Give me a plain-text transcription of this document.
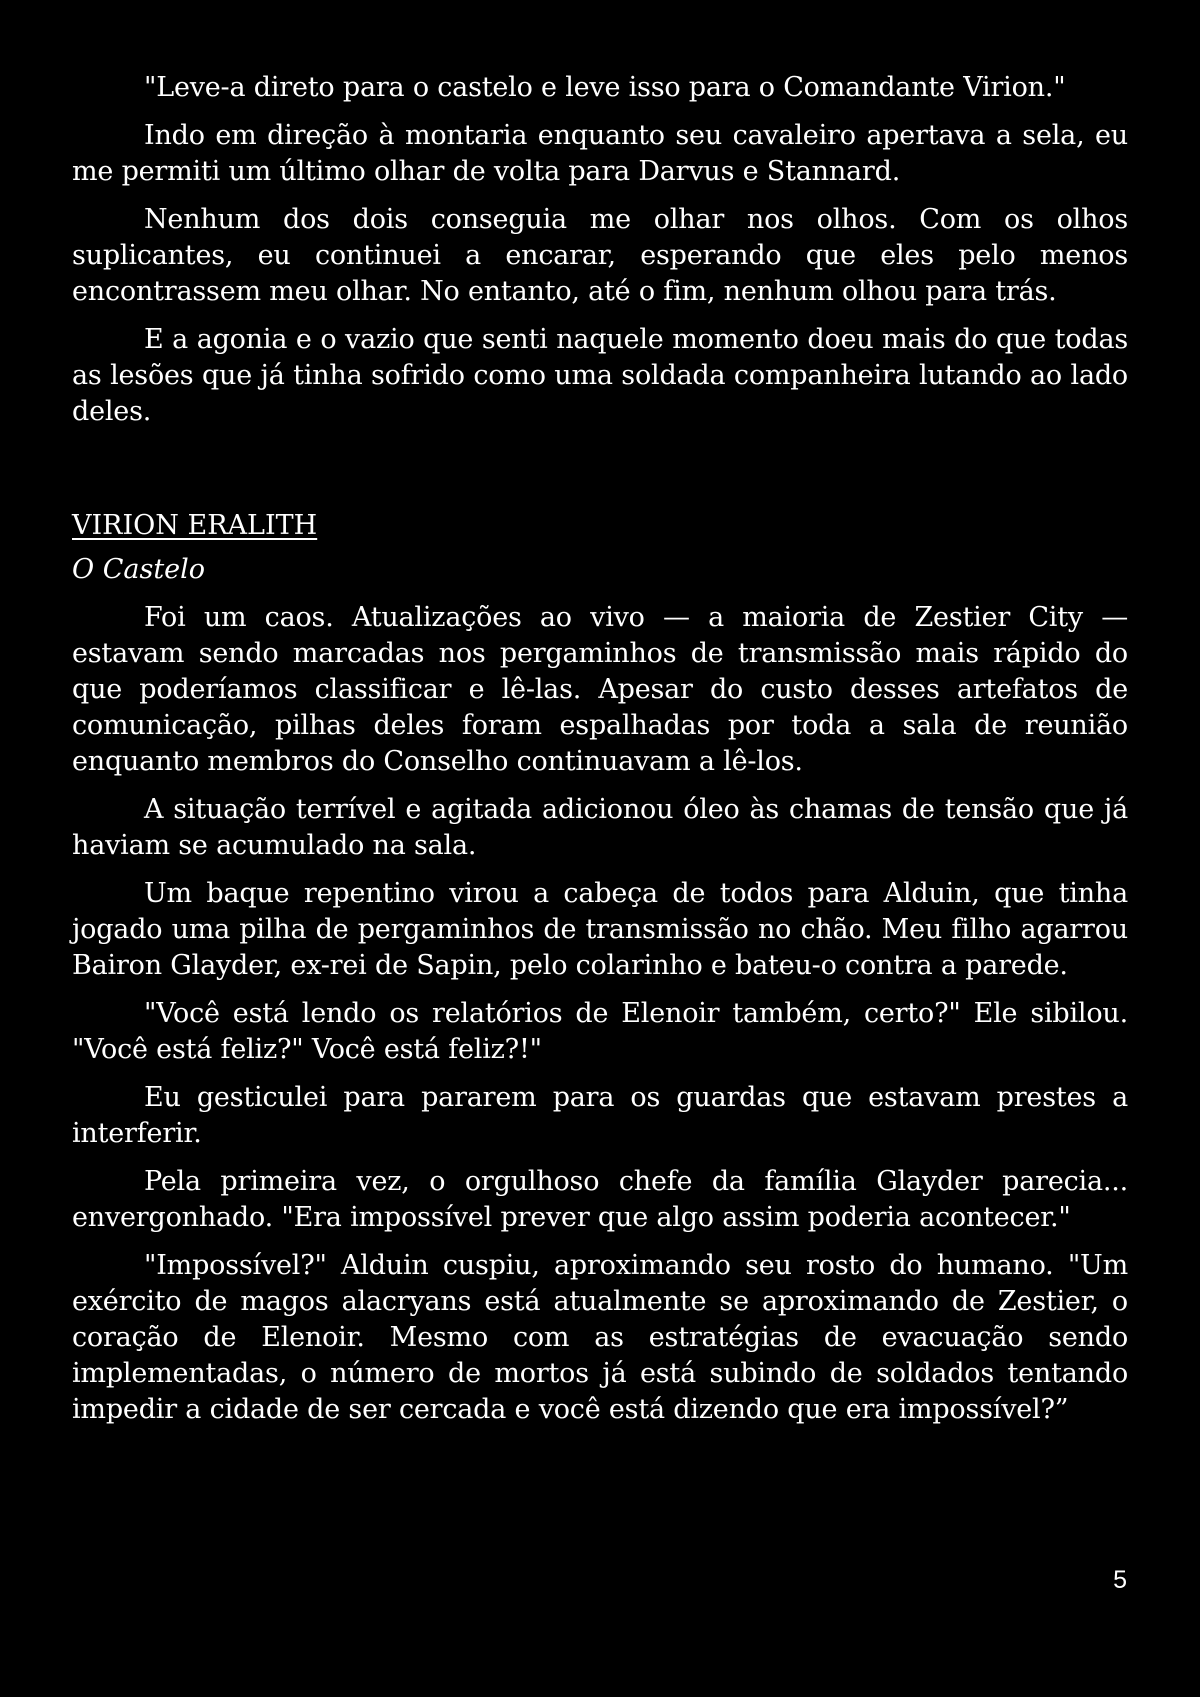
"Leve-a direto para o castelo e leve isso para o Comandante Virion."

Indo em direção à montaria enquanto seu cavaleiro apertava a sela, eu me permiti um último olhar de volta para Darvus e Stannard.

Nenhum dos dois conseguia me olhar nos olhos. Com os olhos suplicantes, eu continuei a encarar, esperando que eles pelo menos encontrassem meu olhar. No entanto, até o fim, nenhum olhou para trás.

E a agonia e o vazio que senti naquele momento doeu mais do que todas as lesões que já tinha sofrido como uma soldada companheira lutando ao lado deles.

VIRION ERALITH
O Castelo

Foi um caos. Atualizações ao vivo — a maioria de Zestier City — estavam sendo marcadas nos pergaminhos de transmissão mais rápido do que poderíamos classificar e lê-las. Apesar do custo desses artefatos de comunicação, pilhas deles foram espalhadas por toda a sala de reunião enquanto membros do Conselho continuavam a lê-los.

A situação terrível e agitada adicionou óleo às chamas de tensão que já haviam se acumulado na sala.

Um baque repentino virou a cabeça de todos para Alduin, que tinha jogado uma pilha de pergaminhos de transmissão no chão. Meu filho agarrou Bairon Glayder, ex-rei de Sapin, pelo colarinho e bateu-o contra a parede.

"Você está lendo os relatórios de Elenoir também, certo?" Ele sibilou. "Você está feliz?" Você está feliz?!"

Eu gesticulei para pararem para os guardas que estavam prestes a interferir.

Pela primeira vez, o orgulhoso chefe da família Glayder parecia... envergonhado. "Era impossível prever que algo assim poderia acontecer."

"Impossível?" Alduin cuspiu, aproximando seu rosto do humano. "Um exército de magos alacryans está atualmente se aproximando de Zestier, o coração de Elenoir. Mesmo com as estratégias de evacuação sendo implementadas, o número de mortos já está subindo de soldados tentando impedir a cidade de ser cercada e você está dizendo que era impossível?”

5
